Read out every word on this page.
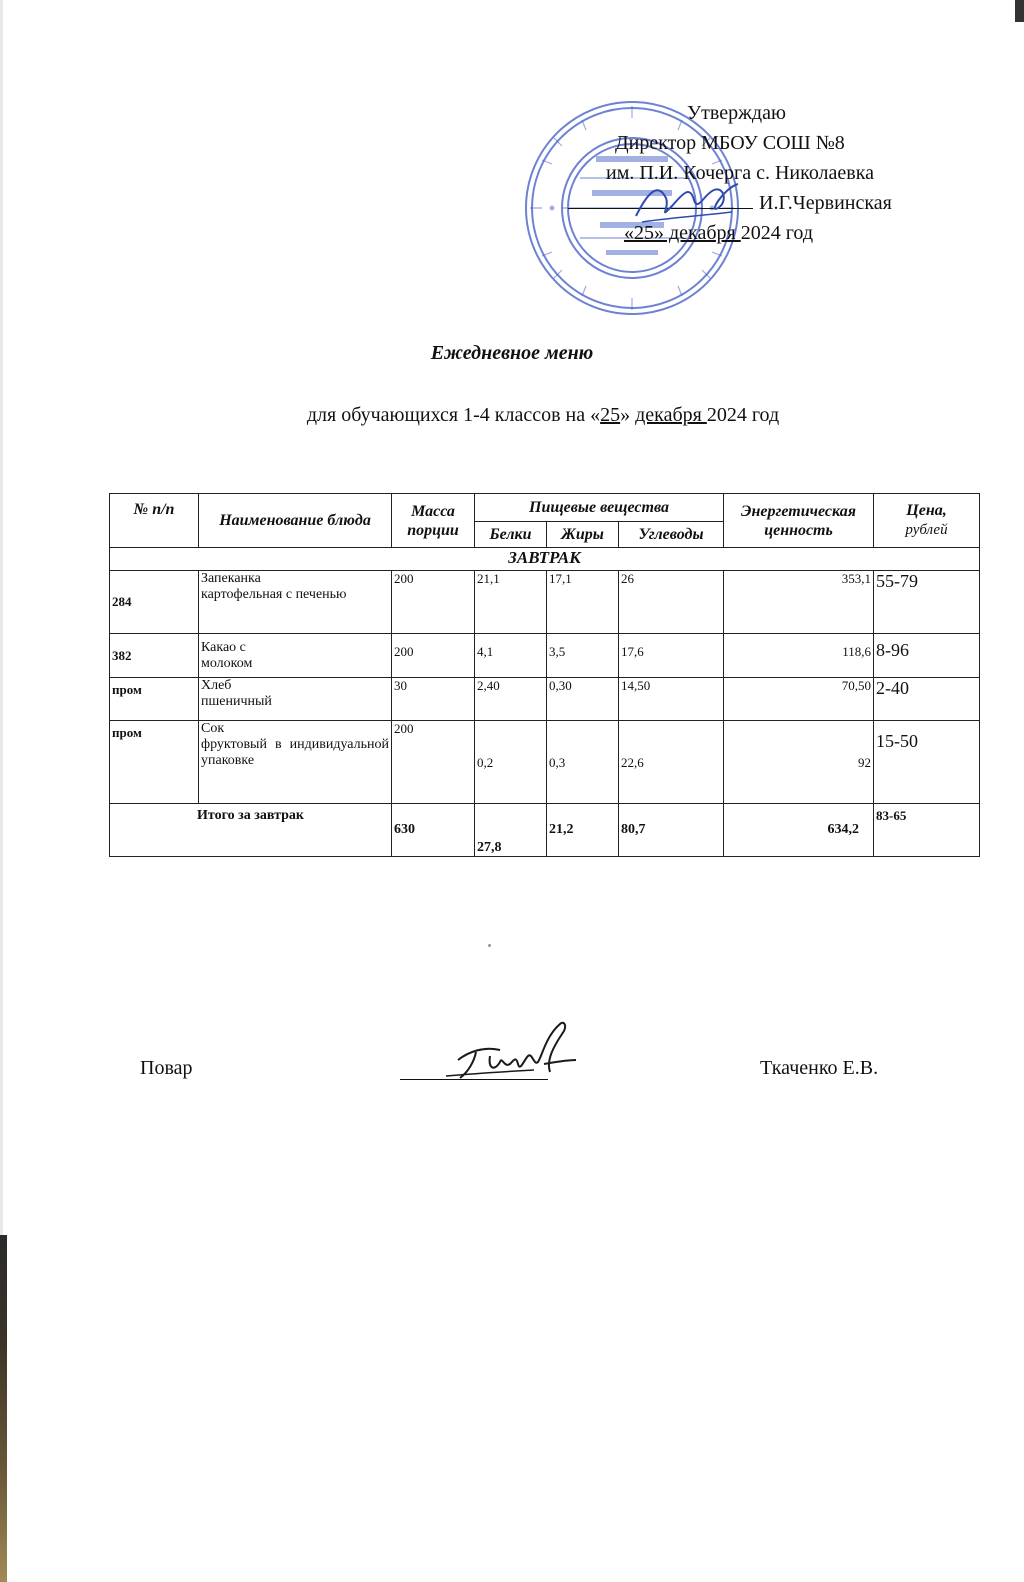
Утверждаю
Директор МБОУ СОШ №8
им. П.И. Кочерга с. Николаевка
И.Г.Червинская
«25» декабря 2024 год
Ежедневное меню
для обучающихся 1-4 классов на «25» декабря 2024 год
№ п/п	Наименование блюда	Масса порции	Пищевые вещества			Энергетическая ценность	Цена,
рублей
			Белки	Жиры	Углеводы		
ЗАВТРАК							
284	Запеканка
картофельная с печенью	200	21,1	17,1	26	353,1	55-79
382	Какао с
молоком	200	4,1	3,5	17,6	118,6	8-96
пром	Хлеб
пшеничный	30	2,40	0,30	14,50	70,50	2-40
пром	Сок
фруктовый в индивидуальной упаковке	200	0,2	0,3	22,6	92	15-50
Итого за завтрак		630	27,8	21,2	80,7	634,2	83-65
Повар	Ткаченко Е.В.
